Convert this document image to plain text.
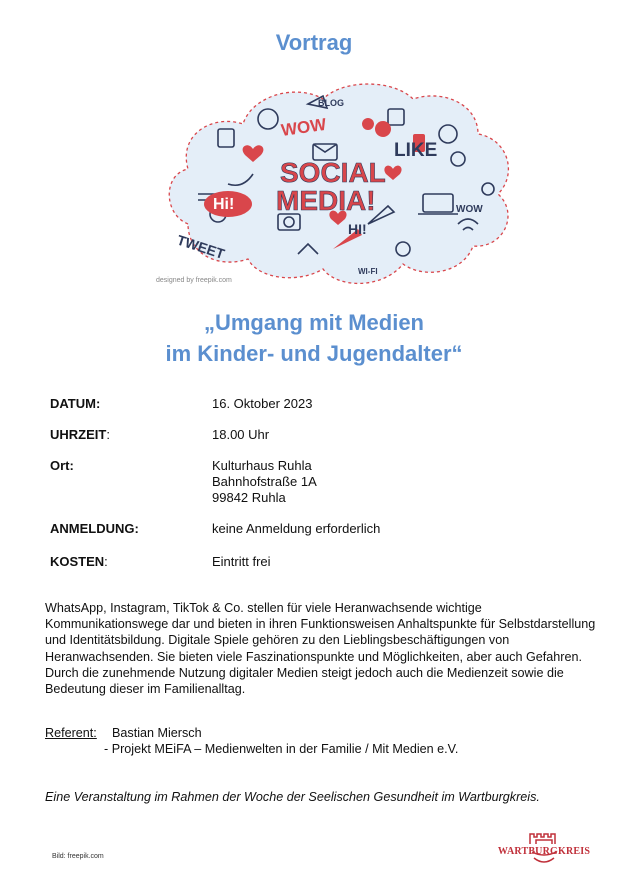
Vortrag
SOCIAL
MEDIA!
WOW
LIKE
Hi!
TWEET
BLOG
HI!
WOW
WI-FI
designed by freepik.com
„Umgang mit Medien
im Kinder- und Jugendalter“
DATUM:	16. Oktober 2023
UHRZEIT:	18.00 Uhr
Ort:	Kulturhaus Ruhla
Bahnhofstraße 1A
99842 Ruhla
ANMELDUNG:	keine Anmeldung erforderlich
KOSTEN:	Eintritt frei
WhatsApp, Instagram, TikTok & Co. stellen für viele Heranwachsende wichtige Kommunikationswege dar und bieten in ihren Funktionsweisen Anhaltspunkte für Selbstdarstellung und Identitätsbildung. Digitale Spiele gehören zu den Lieblingsbeschäftigungen von Heranwachsenden. Sie bieten viele Faszinationspunkte und Möglichkeiten, aber auch Gefahren. Durch die zunehmende Nutzung digitaler Medien steigt jedoch auch die Medienzeit sowie die Bedeutung dieser im Familienalltag.
Referent: Bastian Miersch
- Projekt MEiFA – Medienwelten in der Familie / Mit Medien e.V.
Eine Veranstaltung im Rahmen der Woche der Seelischen Gesundheit im Wartburgkreis.
Bild: freepik.com	WARTBURGKREIS
